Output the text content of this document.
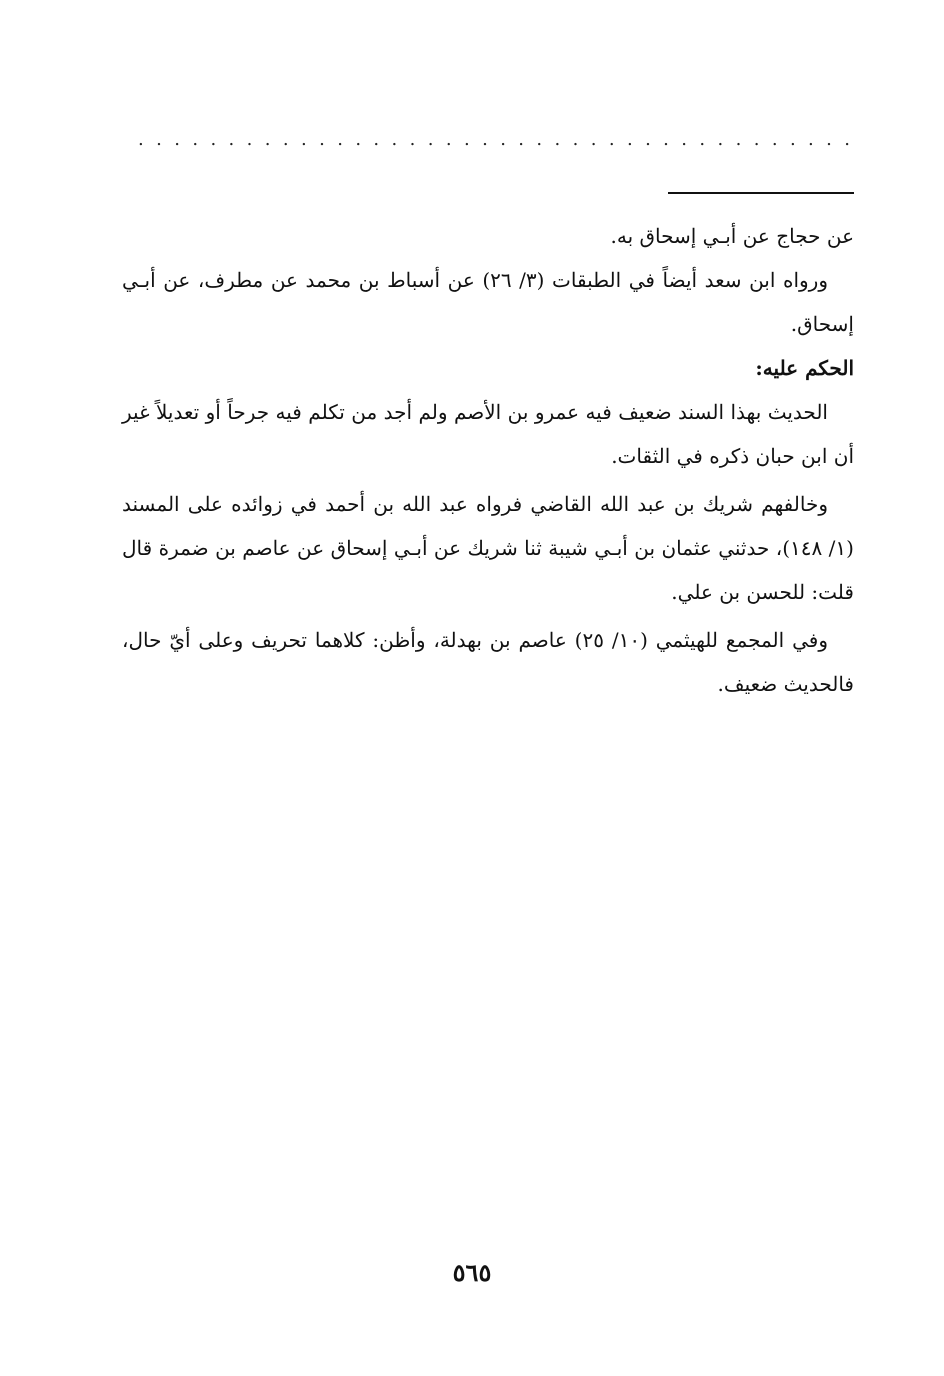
. . . . . . . . . . . . . . . . . . . . . . . . . . . . . . . . . . . . . . . .

عن حجاج عن أبـي إسحاق به.

ورواه ابن سعد أيضاً في الطبقات (٣/ ٢٦) عن أسباط بن محمد عن مطرف، عن أبـي إسحاق.

الحكم عليه:

الحديث بهذا السند ضعيف فيه عمرو بن الأصم ولم أجد من تكلم فيه جرحاً أو تعديلاً غير أن ابن حبان ذكره في الثقات.

وخالفهم شريك بن عبد الله القاضي فرواه عبد الله بن أحمد في زوائده على المسند (١/ ١٤٨)، حدثني عثمان بن أبـي شيبة ثنا شريك عن أبـي إسحاق عن عاصم بن ضمرة قال قلت: للحسن بن علي.

وفي المجمع للهيثمي (١٠/ ٢٥) عاصم بن بهدلة، وأظن: كلاهما تحريف وعلى أيّ حال، فالحديث ضعيف.

٥٦٥
